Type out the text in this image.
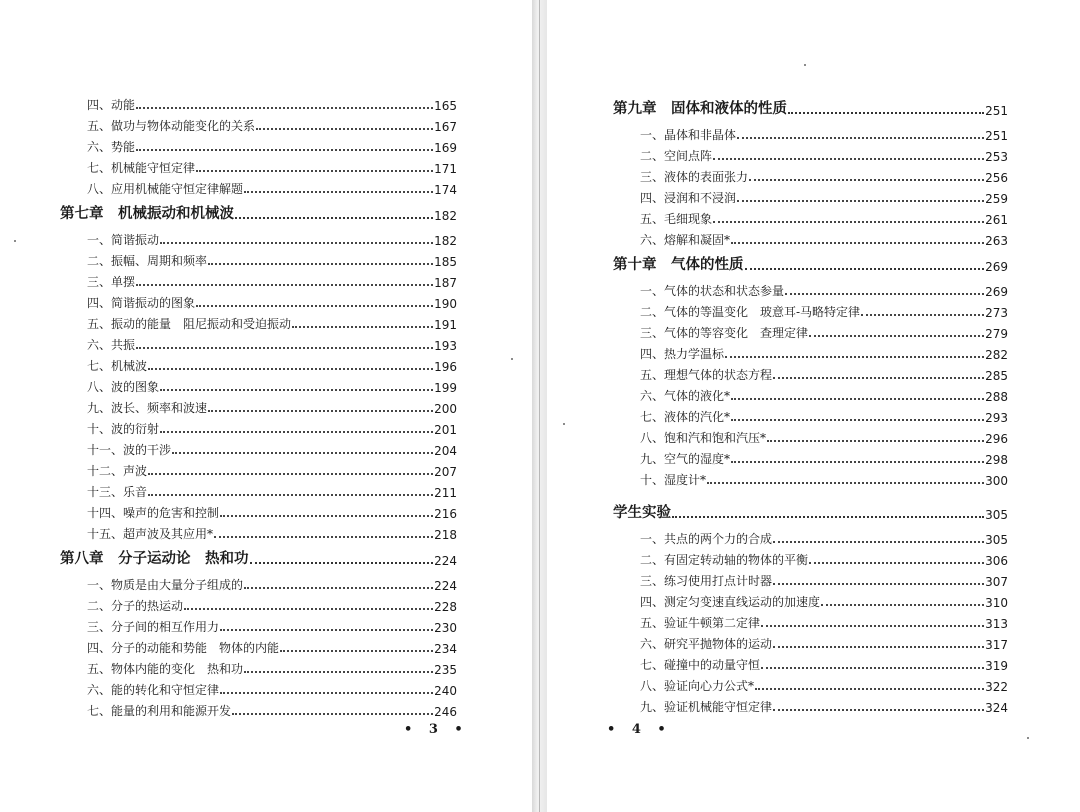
四、动能	165
五、做功与物体动能变化的关系	167
六、势能	169
七、机械能守恒定律	171
八、应用机械能守恒定律解题	174
第七章　机械振动和机械波	182
一、简谐振动	182
二、振幅、周期和频率	185
三、单摆	187
四、简谐振动的图象	190
五、振动的能量　阻尼振动和受迫振动	191
六、共振	193
七、机械波	196
八、波的图象	199
九、波长、频率和波速	200
十、波的衍射	201
十一、波的干涉	204
十二、声波	207
十三、乐音	211
十四、噪声的危害和控制	216
十五、超声波及其应用*	218
第八章　分子运动论　热和功	224
一、物质是由大量分子组成的	224
二、分子的热运动	228
三、分子间的相互作用力	230
四、分子的动能和势能　物体的内能	234
五、物体内能的变化　热和功	235
六、能的转化和守恒定律	240
七、能量的利用和能源开发	246
• 3 •
第九章　固体和液体的性质	251
一、晶体和非晶体	251
二、空间点阵	253
三、液体的表面张力	256
四、浸润和不浸润	259
五、毛细现象	261
六、熔解和凝固*	263
第十章　气体的性质	269
一、气体的状态和状态参量	269
二、气体的等温变化　玻意耳-马略特定律	273
三、气体的等容变化　查理定律	279
四、热力学温标	282
五、理想气体的状态方程	285
六、气体的液化*	288
七、液体的汽化*	293
八、饱和汽和饱和汽压*	296
九、空气的湿度*	298
十、湿度计*	300
学生实验	305
一、共点的两个力的合成	305
二、有固定转动轴的物体的平衡	306
三、练习使用打点计时器	307
四、测定匀变速直线运动的加速度	310
五、验证牛顿第二定律	313
六、研究平抛物体的运动	317
七、碰撞中的动量守恒	319
八、验证向心力公式*	322
九、验证机械能守恒定律	324
• 4 •
